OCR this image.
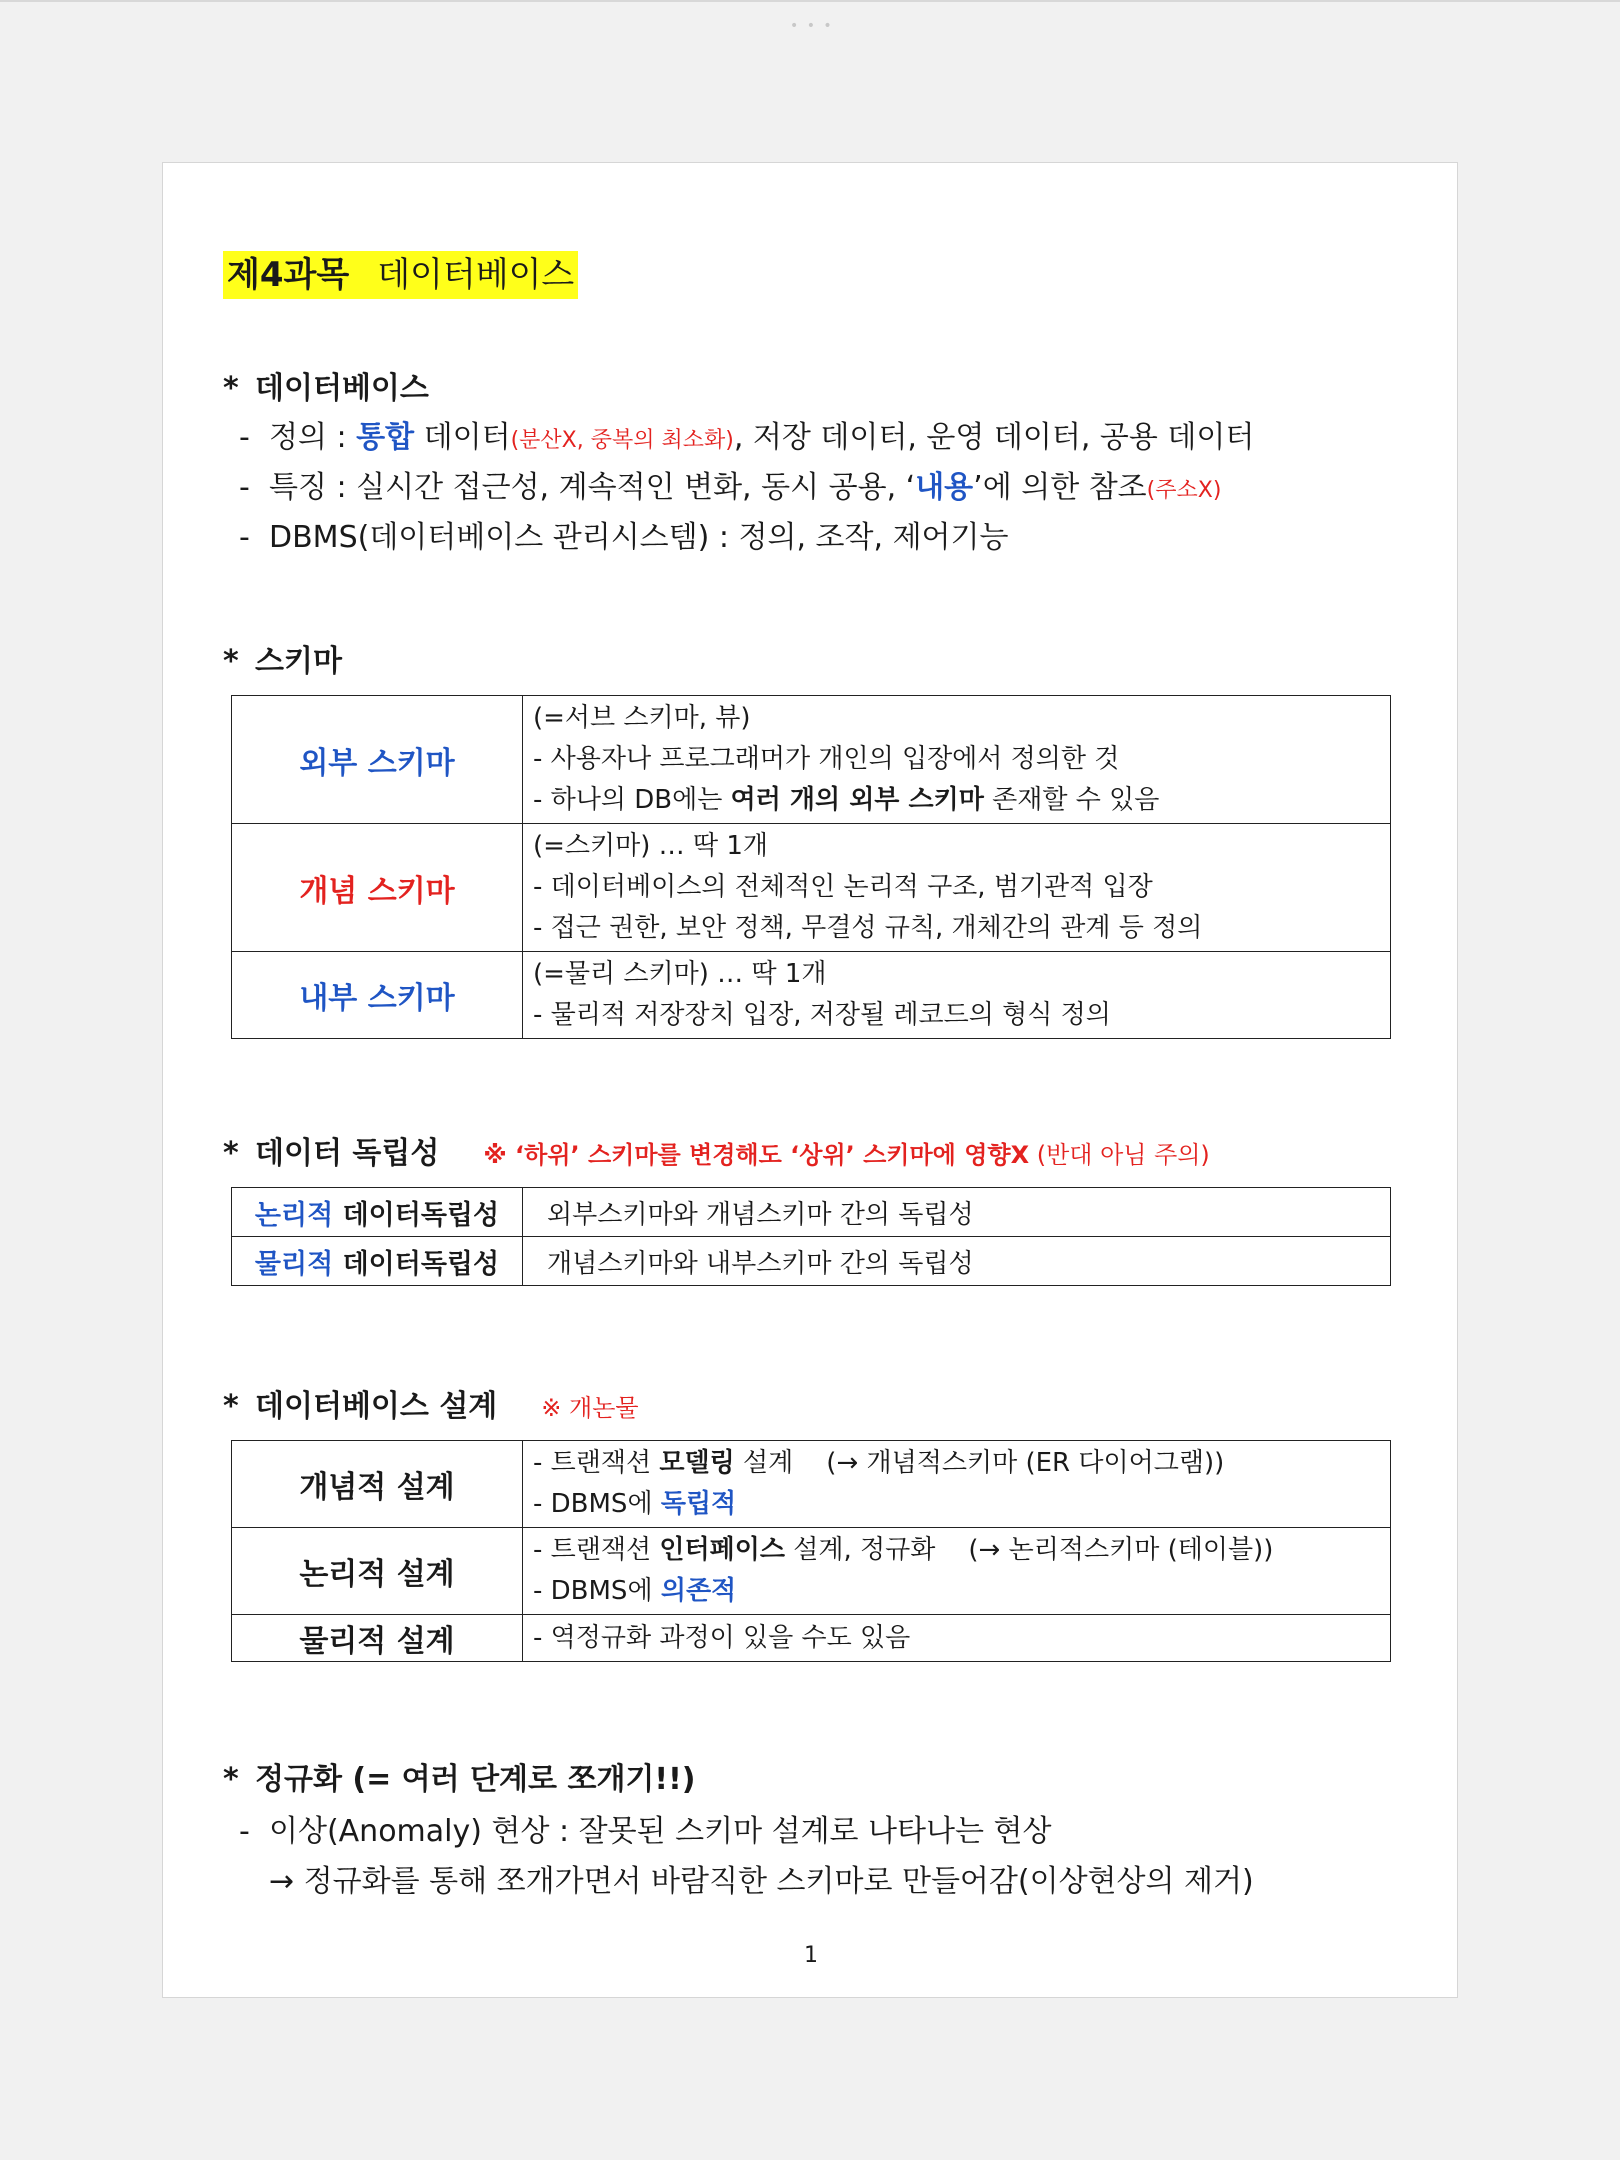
• • •
제4과목 데이터베이스
* 데이터베이스
- 정의 : 통합 데이터(분산X, 중복의 최소화), 저장 데이터, 운영 데이터, 공용 데이터
- 특징 : 실시간 접근성, 계속적인 변화, 동시 공용, ‘내용’에 의한 참조(주소X)
- DBMS(데이터베이스 관리시스템) : 정의, 조작, 제어기능
* 스키마
외부 스키마	(=서브 스키마, 뷰)
- 사용자나 프로그래머가 개인의 입장에서 정의한 것
- 하나의 DB에는 여러 개의 외부 스키마 존재할 수 있음

개념 스키마	(=스키마) … 딱 1개
- 데이터베이스의 전체적인 논리적 구조, 범기관적 입장
- 접근 권한, 보안 정책, 무결성 규칙, 개체간의 관계 등 정의

내부 스키마	(=물리 스키마) … 딱 1개
- 물리적 저장장치 입장, 저장될 레코드의 형식 정의
* 데이터 독립성 ※ ‘하위’ 스키마를 변경해도 ‘상위’ 스키마에 영향X (반대 아님 주의)
논리적 데이터독립성	외부스키마와 개념스키마 간의 독립성
물리적 데이터독립성	개념스키마와 내부스키마 간의 독립성
* 데이터베이스 설계 ※ 개논물
개념적 설계	- 트랜잭션 모델링 설계    (→ 개념적스키마 (ER 다이어그램))
- DBMS에 독립적

논리적 설계	- 트랜잭션 인터페이스 설계, 정규화    (→ 논리적스키마 (테이블))
- DBMS에 의존적

물리적 설계	- 역정규화 과정이 있을 수도 있음
* 정규화 (= 여러 단계로 쪼개기!!)
- 이상(Anomaly) 현상 : 잘못된 스키마 설계로 나타나는 현상
→ 정규화를 통해 쪼개가면서 바람직한 스키마로 만들어감(이상현상의 제거)
1
